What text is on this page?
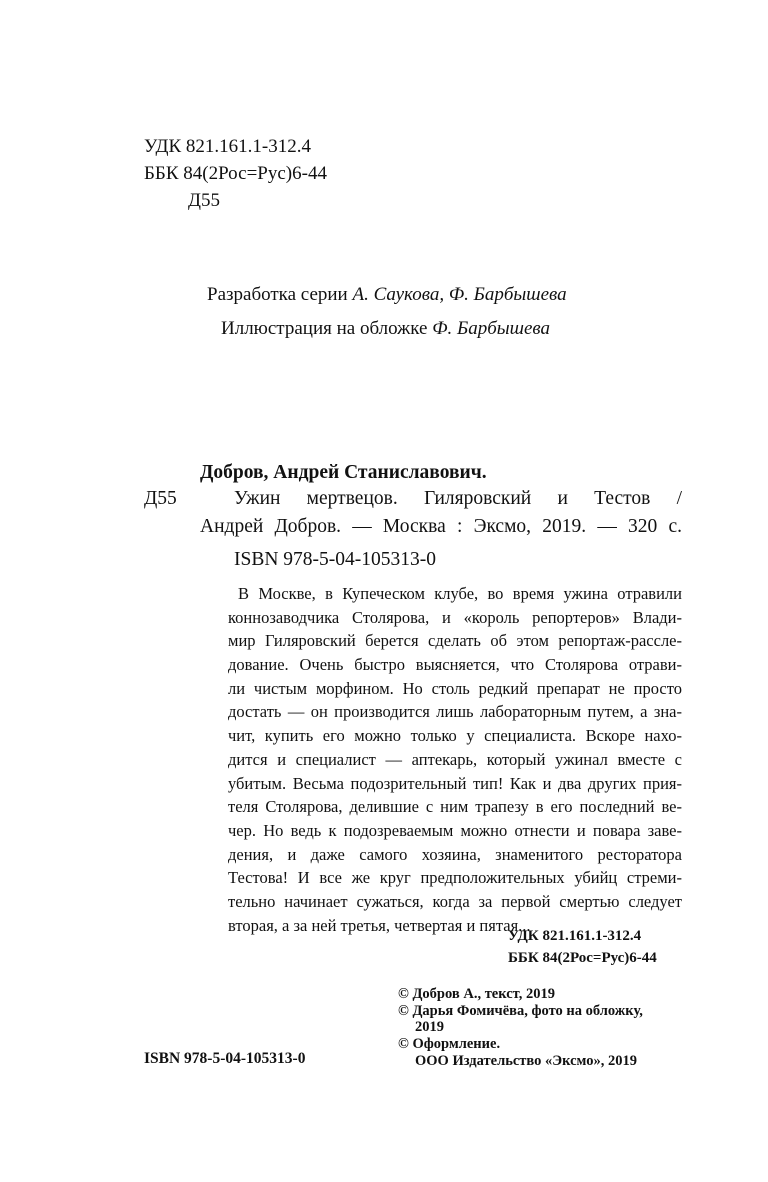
УДК 821.161.1-312.4
ББК 84(2Рос=Рус)6-44
Д55
Разработка серии А. Саукова, Ф. Барбышева
Иллюстрация на обложке Ф. Барбышева
Добров, Андрей Станиславович.
Д55	Ужин мертвецов. Гиляровский и Тестов /
Андрей Добров. — Москва : Эксмо, 2019. — 320 с.
ISBN 978-5-04-105313-0
В Москве, в Купеческом клубе, во время ужина отравили
коннозаводчика Столярова, и «король репортеров» Влади-
мир Гиляровский берется сделать об этом репортаж-рассле-
дование. Очень быстро выясняется, что Столярова отрави-
ли чистым морфином. Но столь редкий препарат не просто
достать — он производится лишь лабораторным путем, а зна-
чит, купить его можно только у специалиста. Вскоре нахо-
дится и специалист — аптекарь, который ужинал вместе с
убитым. Весьма подозрительный тип! Как и два других прия-
теля Столярова, делившие с ним трапезу в его последний ве-
чер. Но ведь к подозреваемым можно отнести и повара заве-
дения, и даже самого хозяина, знаменитого ресторатора
Тестова! И все же круг предположительных убийц стреми-
тельно начинает сужаться, когда за первой смертью следует
вторая, а за ней третья, четвертая и пятая...
УДК 821.161.1-312.4
ББК 84(2Рос=Рус)6-44
© Добров А., текст, 2019
© Дарья Фомичёва, фото на обложку,
2019
© Оформление.
ООО Издательство «Эксмо», 2019
ISBN 978-5-04-105313-0
